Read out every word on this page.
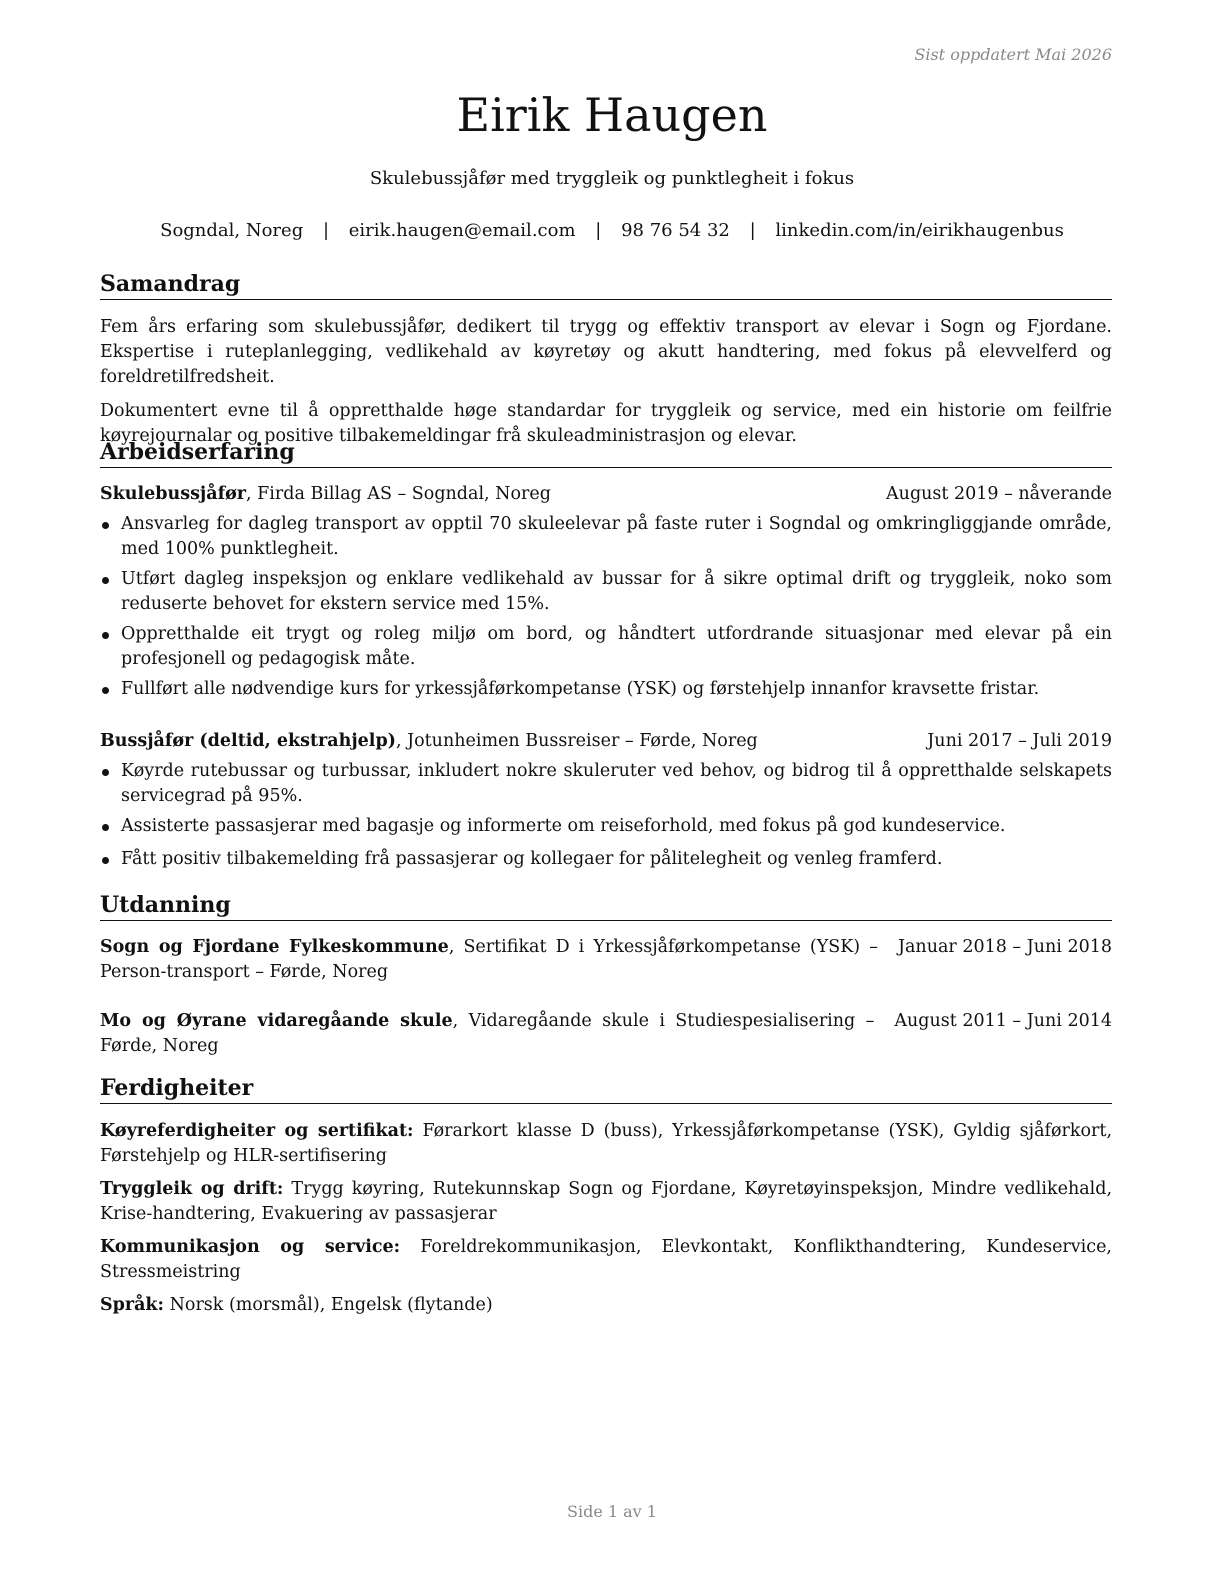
Sist oppdatert Mai 2026
Eirik Haugen
Skulebussjåfør med tryggleik og punktlegheit i fokus
Sogndal, Noreg | eirik.haugen@email.com | 98 76 54 32 | linkedin.com/in/eirikhaugenbus
Samandrag
Fem års erfaring som skulebussjåfør, dedikert til trygg og effektiv transport av elevar i Sogn og Fjordane. Ekspertise i ruteplanlegging, vedlikehald av køyretøy og akutt handtering, med fokus på elevvelferd og foreldretilfredsheit.
Dokumentert evne til å oppretthalde høge standardar for tryggleik og service, med ein historie om feilfrie køyrejournalar og positive tilbakemeldingar frå skuleadministrasjon og elevar.
Arbeidserfaring
Skulebussjåfør, Firda Billag AS – Sogndal, Noreg	August 2019 – nåverande
Ansvarleg for dagleg transport av opptil 70 skuleelevar på faste ruter i Sogndal og omkringliggjande område, med 100% punktlegheit.
Utført dagleg inspeksjon og enklare vedlikehald av bussar for å sikre optimal drift og tryggleik, noko som reduserte behovet for ekstern service med 15%.
Oppretthalde eit trygt og roleg miljø om bord, og håndtert utfordrande situasjonar med elevar på ein profesjonell og pedagogisk måte.
Fullført alle nødvendige kurs for yrkessjåførkompetanse (YSK) og førstehjelp innanfor kravsette fristar.
Bussjåfør (deltid, ekstrahjelp), Jotunheimen Bussreiser – Førde, Noreg	Juni 2017 – Juli 2019
Køyrde rutebussar og turbussar, inkludert nokre skuleruter ved behov, og bidrog til å oppretthalde selskapets servicegrad på 95%.
Assisterte passasjerar med bagasje og informerte om reiseforhold, med fokus på god kundeservice.
Fått positiv tilbakemelding frå passasjerar og kollegaer for pålitelegheit og venleg framferd.
Utdanning
Sogn og Fjordane Fylkeskommune, Sertifikat D i Yrkessjåførkompetanse (YSK) – Person-transport – Førde, Noreg
Januar 2018 – Juni 2018
Mo og Øyrane vidaregåande skule, Vidaregåande skule i Studiespesialisering – Førde, Noreg
August 2011 – Juni 2014
Ferdigheiter
Køyreferdigheiter og sertifikat: Førarkort klasse D (buss), Yrkessjåførkompetanse (YSK), Gyldig sjåførkort, Førstehjelp og HLR-sertifisering
Tryggleik og drift: Trygg køyring, Rutekunnskap Sogn og Fjordane, Køyretøyinspeksjon, Mindre vedlikehald, Krise-handtering, Evakuering av passasjerar
Kommunikasjon og service: Foreldrekommunikasjon, Elevkontakt, Konflikthandtering, Kundeservice, Stressmeistring
Språk: Norsk (morsmål), Engelsk (flytande)
Side 1 av 1
